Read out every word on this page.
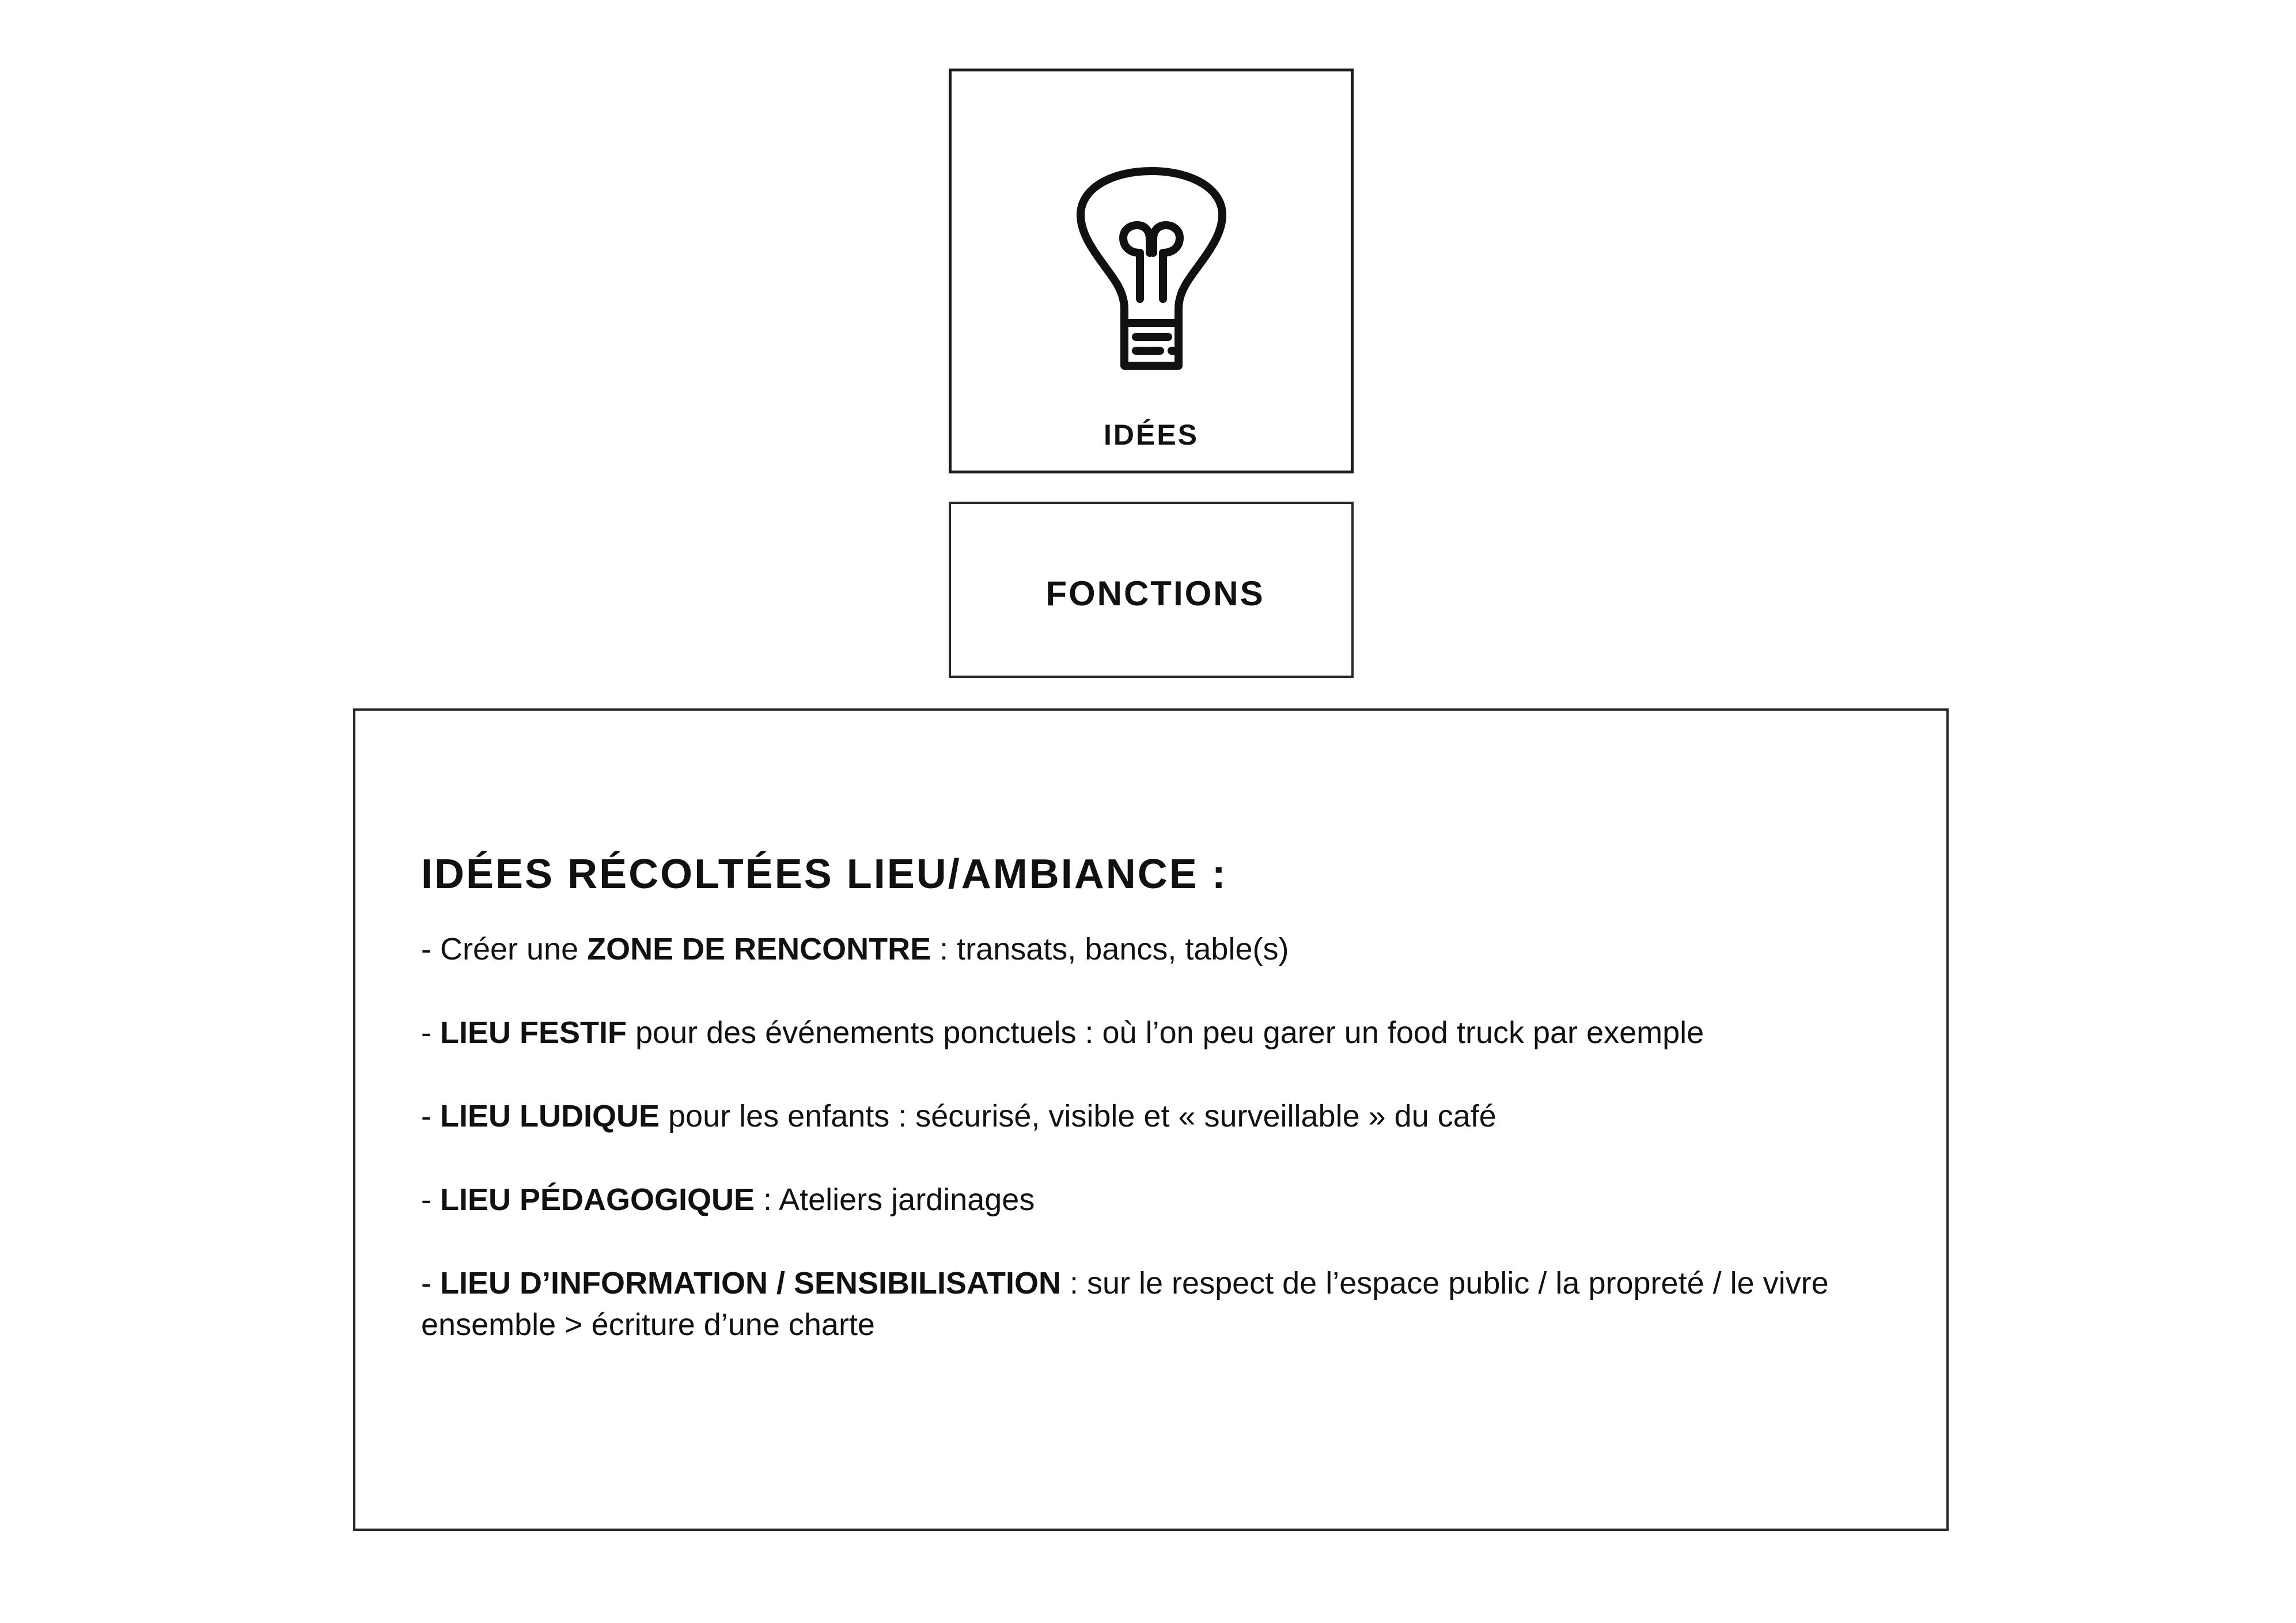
IDÉES
FONCTIONS
IDÉES RÉCOLTÉES LIEU/AMBIANCE :
- Créer une ZONE DE RENCONTRE : transats, bancs, table(s)
- LIEU FESTIF pour des événements ponctuels : où l’on peu garer un food truck par exemple
- LIEU LUDIQUE pour les enfants : sécurisé, visible et « surveillable » du café
- LIEU PÉDAGOGIQUE : Ateliers jardinages
- LIEU D’INFORMATION / SENSIBILISATION : sur le respect de l’espace public / la propreté / le vivre ensemble > écriture d’une charte
